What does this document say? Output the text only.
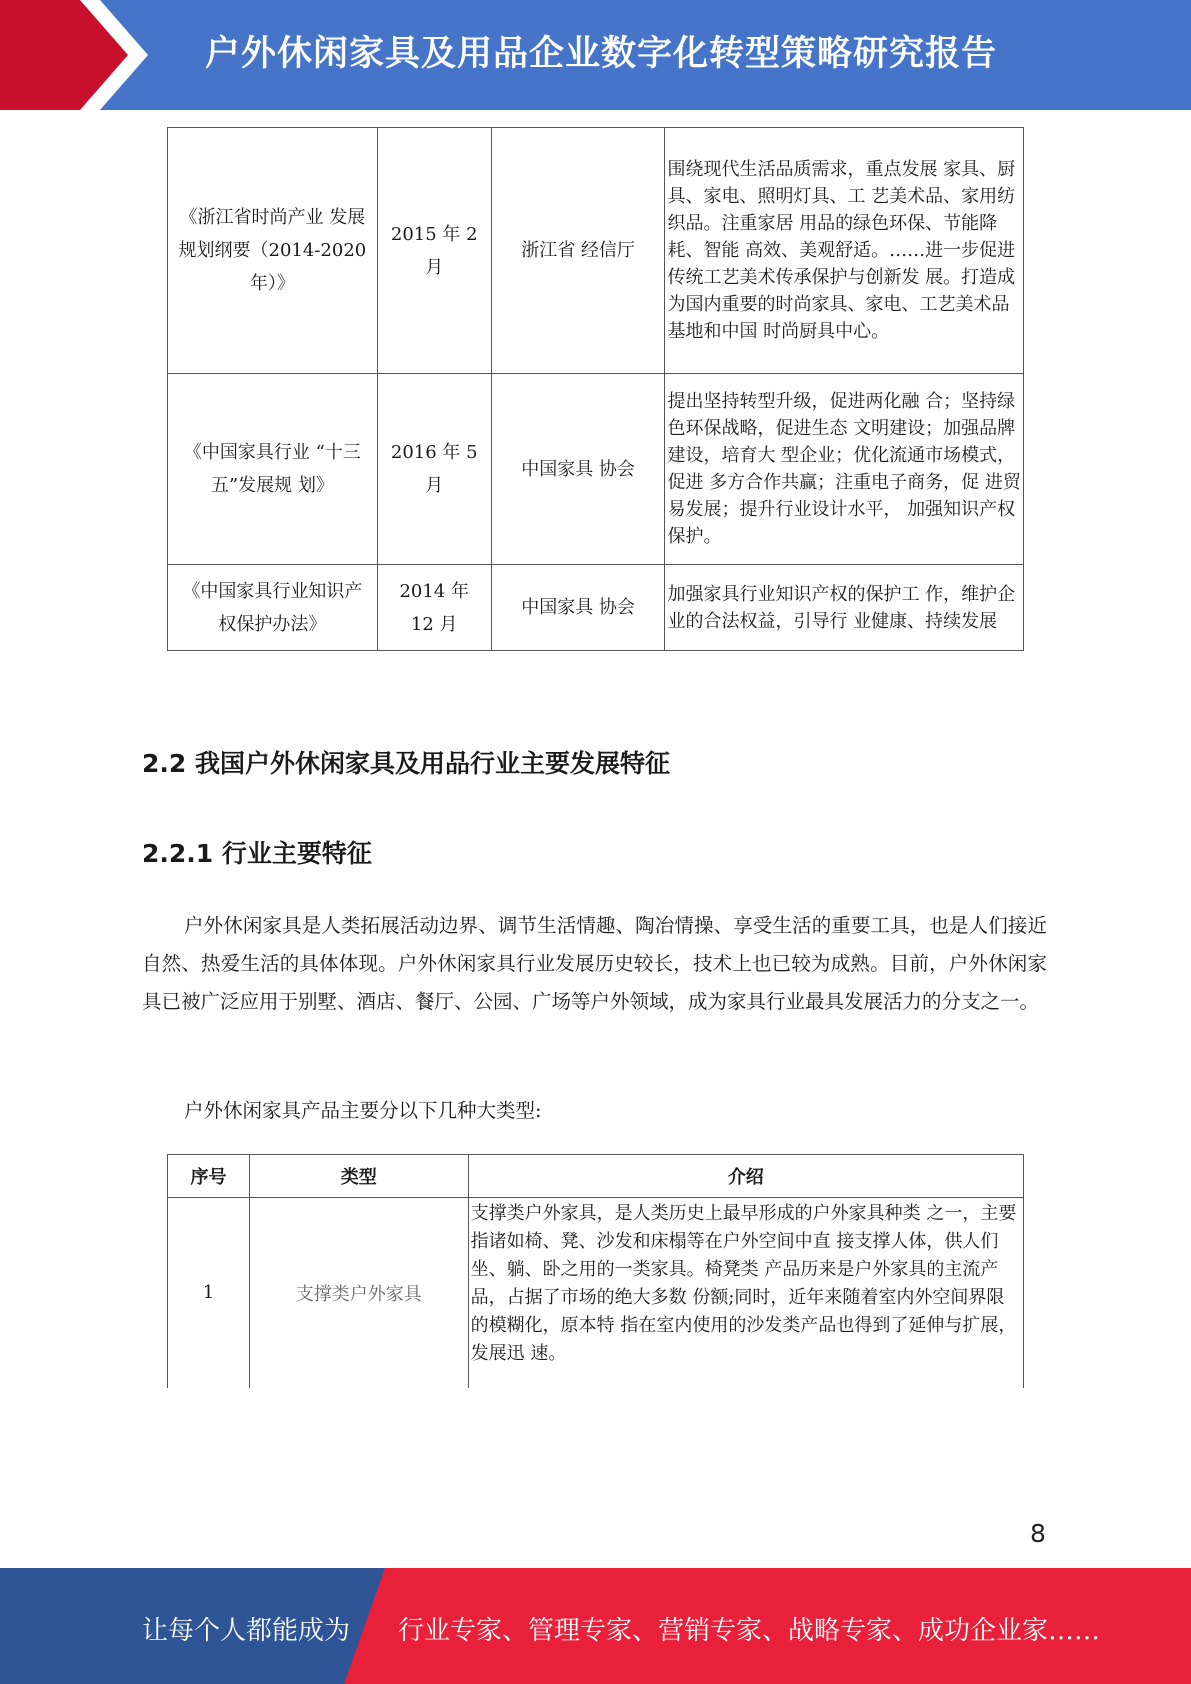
户外休闲家具及用品企业数字化转型策略研究报告
《浙江省时尚产业 发展规划纲要（2014-2020 年）》	2015 年 2 月	浙江省 经信厅	围绕现代生活品质需求，重点发展 家具、厨具、家电、照明灯具、工 艺美术品、家用纺织品。注重家居 用品的绿色环保、节能降耗、智能 高效、美观舒适。……进一步促进 传统工艺美术传承保护与创新发 展。打造成为国内重要的时尚家具、家电、工艺美术品基地和中国 时尚厨具中心。
《中国家具行业 “十三五”发展规 划》	2016 年 5 月	中国家具 协会	提出坚持转型升级，促进两化融 合；坚持绿色环保战略，促进生态 文明建设；加强品牌建设，培育大 型企业；优化流通市场模式，促进 多方合作共赢；注重电子商务，促 进贸易发展；提升行业设计水平， 加强知识产权保护。
《中国家具行业知识产权保护办法》	2014 年 12 月	中国家具 协会	加强家具行业知识产权的保护工 作，维护企业的合法权益，引导行 业健康、持续发展
2.2 我国户外休闲家具及用品行业主要发展特征
2.2.1 行业主要特征

户外休闲家具是人类拓展活动边界、调节生活情趣、陶冶情操、享受生活的重要工具，也是人们接近自然、热爱生活的具体体现。户外休闲家具行业发展历史较长，技术上也已较为成熟。目前，户外休闲家具已被广泛应用于别墅、酒店、餐厅、公园、广场等户外领域，成为家具行业最具发展活力的分支之一。

户外休闲家具产品主要分以下几种大类型:

序号	类型	介绍
1	支撑类户外家具	支撑类户外家具，是人类历史上最早形成的户外家具种类 之一，主要指诸如椅、凳、沙发和床榻等在户外空间中直 接支撑人体，供人们坐、躺、卧之用的一类家具。椅凳类 产品历来是户外家具的主流产品，占据了市场的绝大多数 份额;同时，近年来随着室内外空间界限的模糊化，原本特 指在室内使用的沙发类产品也得到了延伸与扩展，发展迅 速。
8
让每个人都能成为 行业专家、管理专家、营销专家、战略专家、成功企业家……
